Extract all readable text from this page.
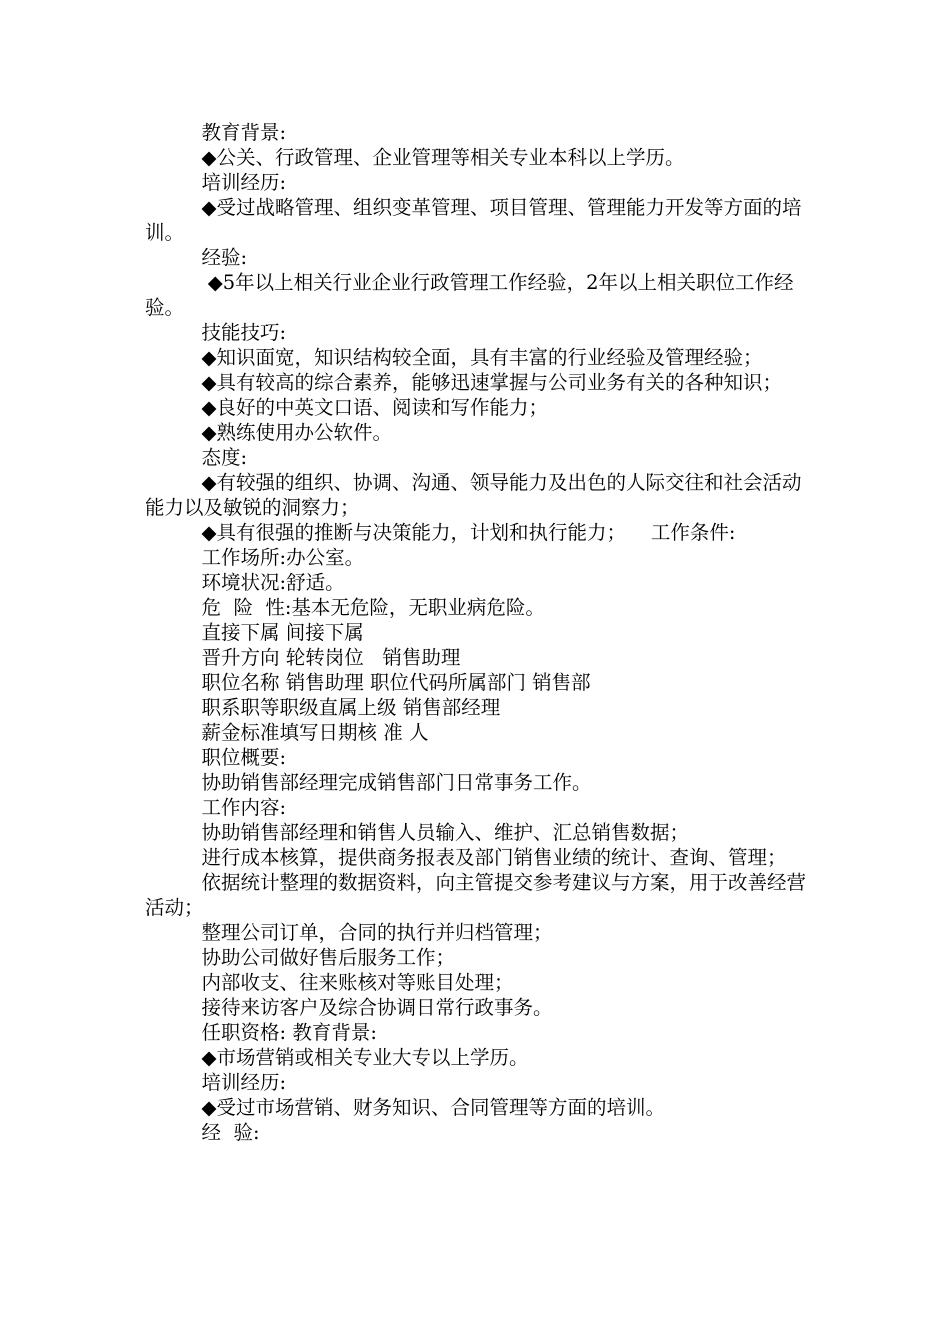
教育背景:

◆公关、行政管理、企业管理等相关专业本科以上学历。

培训经历:

◆受过战略管理、组织变革管理、项目管理、管理能力开发等方面的培训。

经验:

◆5年以上相关行业企业行政管理工作经验，2年以上相关职位工作经验。

技能技巧:

◆知识面宽，知识结构较全面，具有丰富的行业经验及管理经验；

◆具有较高的综合素养，能够迅速掌握与公司业务有关的各种知识；

◆良好的中英文口语、阅读和写作能力；

◆熟练使用办公软件。

态度:

◆有较强的组织、协调、沟通、领导能力及出色的人际交往和社会活动能力以及敏锐的洞察力；

◆具有很强的推断与决策能力，计划和执行能力；    工作条件:

工作场所:办公室。

环境状况:舒适。

危  险  性:基本无危险，无职业病危险。

直接下属 间接下属

晋升方向 轮转岗位   销售助理

职位名称 销售助理 职位代码所属部门 销售部

职系职等职级直属上级 销售部经理

薪金标准填写日期核 准 人

职位概要:

协助销售部经理完成销售部门日常事务工作。

工作内容:

协助销售部经理和销售人员输入、维护、汇总销售数据；

进行成本核算，提供商务报表及部门销售业绩的统计、查询、管理；

依据统计整理的数据资料，向主管提交参考建议与方案，用于改善经营活动；

整理公司订单，合同的执行并归档管理；

协助公司做好售后服务工作；

内部收支、往来账核对等账目处理；

接待来访客户及综合协调日常行政事务。

任职资格: 教育背景:

◆市场营销或相关专业大专以上学历。

培训经历:

◆受过市场营销、财务知识、合同管理等方面的培训。

经  验:
